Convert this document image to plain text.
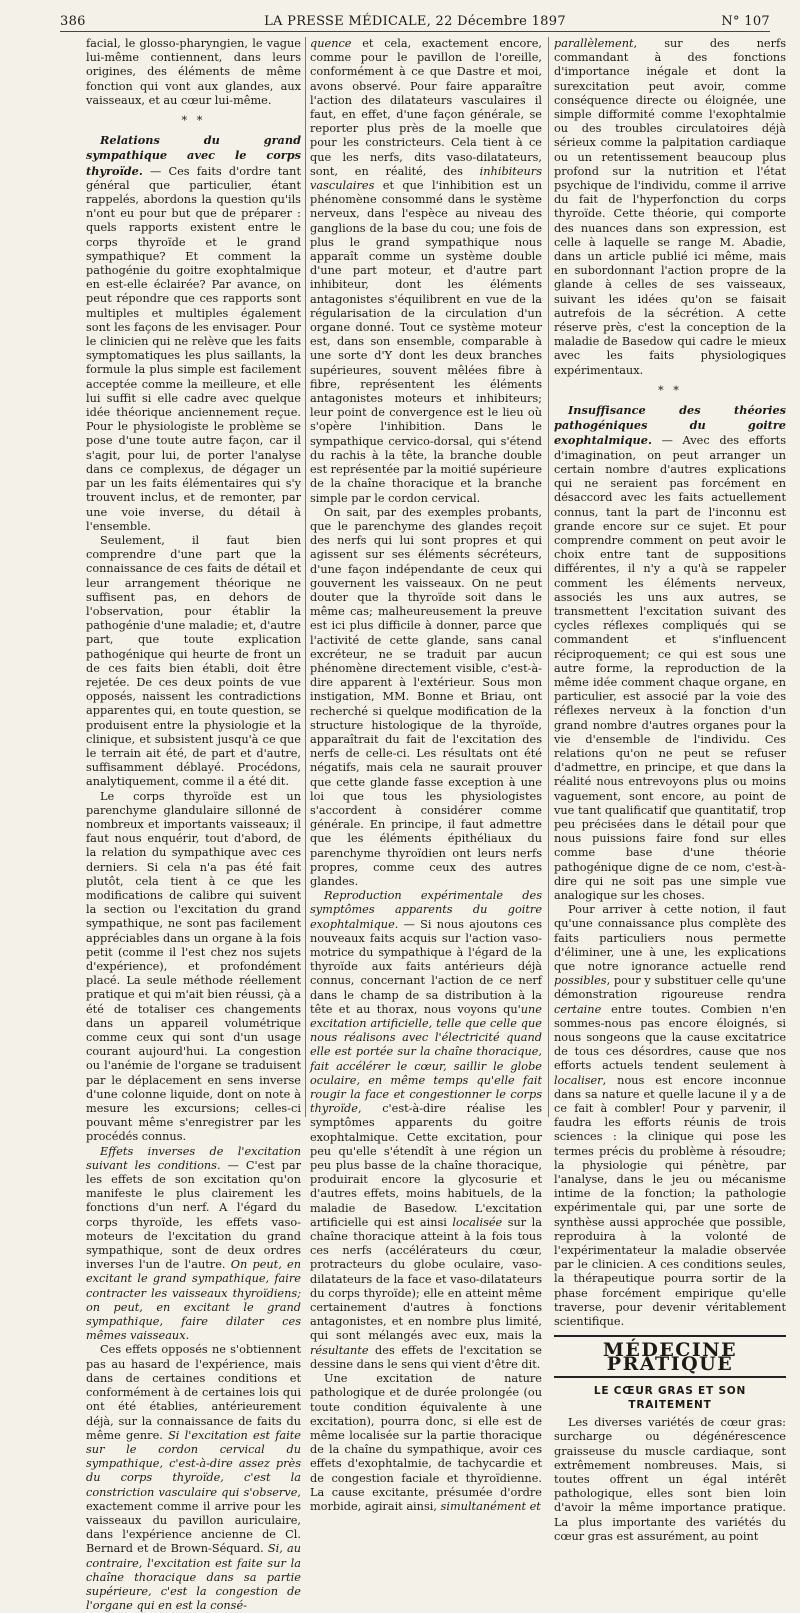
386	LA PRESSE MÉDICALE, 22 Décembre 1897	N° 107

facial, le glosso-pharyngien, le vague lui-même contiennent, dans leurs origines, des éléments de même fonction qui vont aux glandes, aux vaisseaux, et au cœur lui-même.

* *

Relations du grand sympathique avec le corps thyroïde. — Ces faits d'ordre tant général que particulier, étant rappelés, abordons la question qu'ils n'ont eu pour but que de préparer : quels rapports existent entre le corps thyroïde et le grand sympathique? Et comment la pathogénie du goitre exophtalmique en est-elle éclairée? Par avance, on peut répondre que ces rapports sont multiples et multiples également sont les façons de les envisager. Pour le clinicien qui ne relève que les faits symptomatiques les plus saillants, la formule la plus simple est facilement acceptée comme la meilleure, et elle lui suffit si elle cadre avec quelque idée théorique anciennement reçue. Pour le physiologiste le problème se pose d'une toute autre façon, car il s'agit, pour lui, de porter l'analyse dans ce complexus, de dégager un par un les faits élémentaires qui s'y trouvent inclus, et de remonter, par une voie inverse, du détail à l'ensemble.

Seulement, il faut bien comprendre d'une part que la connaissance de ces faits de détail et leur arrangement théorique ne suffisent pas, en dehors de l'observation, pour établir la pathogénie d'une maladie; et, d'autre part, que toute explication pathogénique qui heurte de front un de ces faits bien établi, doit être rejetée. De ces deux points de vue opposés, naissent les contradictions apparentes qui, en toute question, se produisent entre la physiologie et la clinique, et subsistent jusqu'à ce que le terrain ait été, de part et d'autre, suffisamment déblayé. Procédons, analytiquement, comme il a été dit.

Le corps thyroïde est un parenchyme glandulaire sillonné de nombreux et importants vaisseaux; il faut nous enquérir, tout d'abord, de la relation du sympathique avec ces derniers. Si cela n'a pas été fait plutôt, cela tient à ce que les modifications de calibre qui suivent la section ou l'excitation du grand sympathique, ne sont pas facilement appréciables dans un organe à la fois petit (comme il l'est chez nos sujets d'expérience), et profondément placé. La seule méthode réellement pratique et qui m'ait bien réussi, çà a été de totaliser ces changements dans un appareil volumétrique comme ceux qui sont d'un usage courant aujourd'hui. La congestion ou l'anémie de l'organe se traduisent par le déplacement en sens inverse d'une colonne liquide, dont on note à mesure les excursions; celles-ci pouvant même s'enregistrer par les procédés connus.

Effets inverses de l'excitation suivant les conditions. — C'est par les effets de son excitation qu'on manifeste le plus clairement les fonctions d'un nerf. A l'égard du corps thyroïde, les effets vaso-moteurs de l'excitation du grand sympathique, sont de deux ordres inverses l'un de l'autre. On peut, en excitant le grand sympathique, faire contracter les vaisseaux thyroïdiens; on peut, en excitant le grand sympathique, faire dilater ces mêmes vaisseaux.

Ces effets opposés ne s'obtiennent pas au hasard de l'expérience, mais dans de certaines conditions et conformément à de certaines lois qui ont été établies, antérieurement déjà, sur la connaissance de faits du même genre. Si l'excitation est faite sur le cordon cervical du sympathique, c'est-à-dire assez près du corps thyroïde, c'est la constriction vasculaire qui s'observe, exactement comme il arrive pour les vaisseaux du pavillon auriculaire, dans l'expérience ancienne de Cl. Bernard et de Brown-Séquard. Si, au contraire, l'excitation est faite sur la chaîne thoracique dans sa partie supérieure, c'est la congestion de l'organe qui en est la consé-

quence et cela, exactement encore, comme pour le pavillon de l'oreille, conformément à ce que Dastre et moi, avons observé. Pour faire apparaître l'action des dilatateurs vasculaires il faut, en effet, d'une façon générale, se reporter plus près de la moelle que pour les constricteurs. Cela tient à ce que les nerfs, dits vaso-dilatateurs, sont, en réalité, des inhibiteurs vasculaires et que l'inhibition est un phénomène consommé dans le système nerveux, dans l'espèce au niveau des ganglions de la base du cou; une fois de plus le grand sympathique nous apparaît comme un système double d'une part moteur, et d'autre part inhibiteur, dont les éléments antagonistes s'équilibrent en vue de la régularisation de la circulation d'un organe donné. Tout ce système moteur est, dans son ensemble, comparable à une sorte d'Y dont les deux branches supérieures, souvent mêlées fibre à fibre, représentent les éléments antagonistes moteurs et inhibiteurs; leur point de convergence est le lieu où s'opère l'inhibition. Dans le sympathique cervico-dorsal, qui s'étend du rachis à la tête, la branche double est représentée par la moitié supérieure de la chaîne thoracique et la branche simple par le cordon cervical.

On sait, par des exemples probants, que le parenchyme des glandes reçoit des nerfs qui lui sont propres et qui agissent sur ses éléments sécréteurs, d'une façon indépendante de ceux qui gouvernent les vaisseaux. On ne peut douter que la thyroïde soit dans le même cas; malheureusement la preuve est ici plus difficile à donner, parce que l'activité de cette glande, sans canal excréteur, ne se traduit par aucun phénomène directement visible, c'est-à-dire apparent à l'extérieur. Sous mon instigation, MM. Bonne et Briau, ont recherché si quelque modification de la structure histologique de la thyroïde, apparaîtrait du fait de l'excitation des nerfs de celle-ci. Les résultats ont été négatifs, mais cela ne saurait prouver que cette glande fasse exception à une loi que tous les physiologistes s'accordent à considérer comme générale. En principe, il faut admettre que les éléments épithéliaux du parenchyme thyroïdien ont leurs nerfs propres, comme ceux des autres glandes.

Reproduction expérimentale des symptômes apparents du goitre exophtalmique. — Si nous ajoutons ces nouveaux faits acquis sur l'action vaso-motrice du sympathique à l'égard de la thyroïde aux faits antérieurs déjà connus, concernant l'action de ce nerf dans le champ de sa distribution à la tête et au thorax, nous voyons qu'une excitation artificielle, telle que celle que nous réalisons avec l'électricité quand elle est portée sur la chaîne thoracique, fait accélérer le cœur, saillir le globe oculaire, en même temps qu'elle fait rougir la face et congestionner le corps thyroïde, c'est-à-dire réalise les symptômes apparents du goitre exophtalmique. Cette excitation, pour peu qu'elle s'étendît à une région un peu plus basse de la chaîne thoracique, produirait encore la glycosurie et d'autres effets, moins habituels, de la maladie de Basedow. L'excitation artificielle qui est ainsi localisée sur la chaîne thoracique atteint à la fois tous ces nerfs (accélérateurs du cœur, protracteurs du globe oculaire, vaso-dilatateurs de la face et vaso-dilatateurs du corps thyroïde); elle en atteint même certainement d'autres à fonctions antagonistes, et en nombre plus limité, qui sont mélangés avec eux, mais la résultante des effets de l'excitation se dessine dans le sens qui vient d'être dit.

Une excitation de nature pathologique et de durée prolongée (ou toute condition équivalente à une excitation), pourra donc, si elle est de même localisée sur la partie thoracique de la chaîne du sympathique, avoir ces effets d'exophtalmie, de tachycardie et de congestion faciale et thyroïdienne. La cause excitante, présumée d'ordre morbide, agirait ainsi, simultanément et

parallèlement, sur des nerfs commandant à des fonctions d'importance inégale et dont la surexcitation peut avoir, comme conséquence directe ou éloignée, une simple difformité comme l'exophtalmie ou des troubles circulatoires déjà sérieux comme la palpitation cardiaque ou un retentissement beaucoup plus profond sur la nutrition et l'état psychique de l'individu, comme il arrive du fait de l'hyperfonction du corps thyroïde. Cette théorie, qui comporte des nuances dans son expression, est celle à laquelle se range M. Abadie, dans un article publié ici même, mais en subordonnant l'action propre de la glande à celles de ses vaisseaux, suivant les idées qu'on se faisait autrefois de la sécrétion. A cette réserve près, c'est la conception de la maladie de Basedow qui cadre le mieux avec les faits physiologiques expérimentaux.

* *

Insuffisance des théories pathogéniques du goitre exophtalmique. — Avec des efforts d'imagination, on peut arranger un certain nombre d'autres explications qui ne seraient pas forcément en désaccord avec les faits actuellement connus, tant la part de l'inconnu est grande encore sur ce sujet. Et pour comprendre comment on peut avoir le choix entre tant de suppositions différentes, il n'y a qu'à se rappeler comment les éléments nerveux, associés les uns aux autres, se transmettent l'excitation suivant des cycles réflexes compliqués qui se commandent et s'influencent réciproquement; ce qui est sous une autre forme, la reproduction de la même idée comment chaque organe, en particulier, est associé par la voie des réflexes nerveux à la fonction d'un grand nombre d'autres organes pour la vie d'ensemble de l'individu. Ces relations qu'on ne peut se refuser d'admettre, en principe, et que dans la réalité nous entrevoyons plus ou moins vaguement, sont encore, au point de vue tant qualificatif que quantitatif, trop peu précisées dans le détail pour que nous puissions faire fond sur elles comme base d'une théorie pathogénique digne de ce nom, c'est-à-dire qui ne soit pas une simple vue analogique sur les choses.

Pour arriver à cette notion, il faut qu'une connaissance plus complète des faits particuliers nous permette d'éliminer, une à une, les explications que notre ignorance actuelle rend possibles, pour y substituer celle qu'une démonstration rigoureuse rendra certaine entre toutes. Combien n'en sommes-nous pas encore éloignés, si nous songeons que la cause excitatrice de tous ces désordres, cause que nos efforts actuels tendent seulement à localiser, nous est encore inconnue dans sa nature et quelle lacune il y a de ce fait à combler! Pour y parvenir, il faudra les efforts réunis de trois sciences : la clinique qui pose les termes précis du problème à résoudre; la physiologie qui pénètre, par l'analyse, dans le jeu ou mécanisme intime de la fonction; la pathologie expérimentale qui, par une sorte de synthèse aussi approchée que possible, reproduira à la volonté de l'expérimentateur la maladie observée par le clinicien. A ces conditions seules, la thérapeutique pourra sortir de la phase forcément empirique qu'elle traverse, pour devenir véritablement scientifique.

MÉDECINE PRATIQUE
LE CŒUR GRAS ET SON TRAITEMENT

Les diverses variétés de cœur gras: surcharge ou dégénérescence graisseuse du muscle cardiaque, sont extrêmement nombreuses. Mais, si toutes offrent un égal intérêt pathologique, elles sont bien loin d'avoir la même importance pratique. La plus importante des variétés du cœur gras est assurément, au point
